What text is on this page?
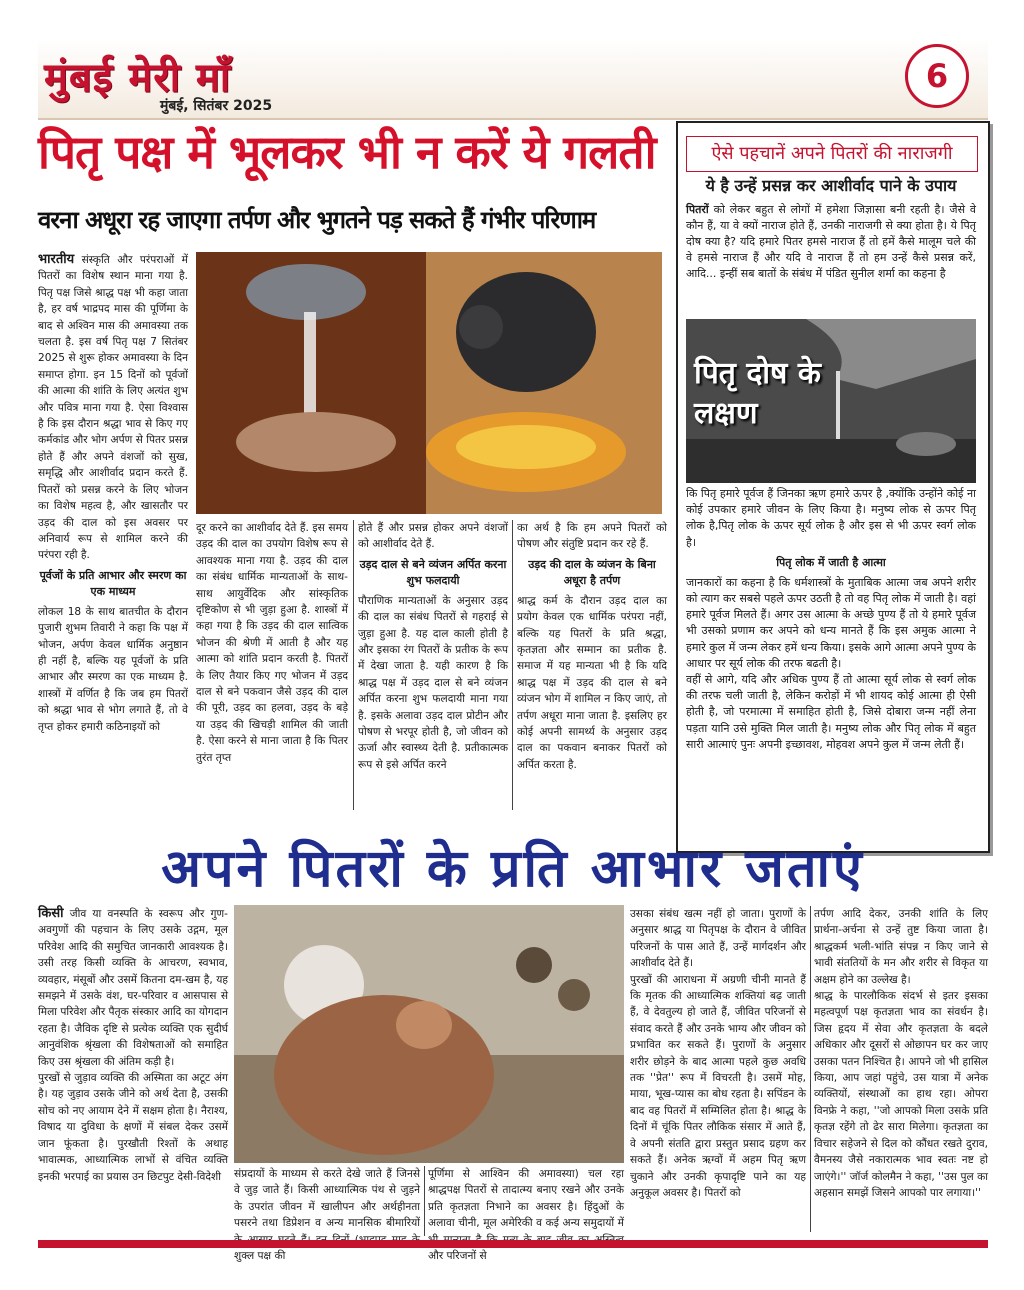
मुंबई मेरी माँ
मुंबई, सितंबर 2025
6
पितृ पक्ष में भूलकर भी न करें ये गलती
वरना अधूरा रह जाएगा तर्पण और भुगतने पड़ सकते हैं गंभीर परिणाम
भारतीय संस्कृति और परंपराओं में पितरों का विशेष स्थान माना गया है. पितृ पक्ष जिसे श्राद्ध पक्ष भी कहा जाता है, हर वर्ष भाद्रपद मास की पूर्णिमा के बाद से अश्विन मास की अमावस्या तक चलता है. इस वर्ष पितृ पक्ष 7 सितंबर 2025 से शुरू होकर अमावस्या के दिन समाप्त होगा. इन 15 दिनों को पूर्वजों की आत्मा की शांति के लिए अत्यंत शुभ और पवित्र माना गया है. ऐसा विश्वास है कि इस दौरान श्रद्धा भाव से किए गए कर्मकांड और भोग अर्पण से पितर प्रसन्न होते हैं और अपने वंशजों को सुख, समृद्धि और आशीर्वाद प्रदान करते हैं. पितरों को प्रसन्न करने के लिए भोजन का विशेष महत्व है, और खासतौर पर उड़द की दाल को इस अवसर पर अनिवार्य रूप से शामिल करने की परंपरा रही है.
पूर्वजों के प्रति आभार और स्मरण का एक माध्यम
लोकल 18 के साथ बातचीत के दौरान पुजारी शुभम तिवारी ने कहा कि पक्ष में भोजन, अर्पण केवल धार्मिक अनुष्ठान ही नहीं है, बल्कि यह पूर्वजों के प्रति आभार और स्मरण का एक माध्यम है. शास्त्रों में वर्णित है कि जब हम पितरों को श्रद्धा भाव से भोग लगाते हैं, तो वे तृप्त होकर हमारी कठिनाइयों को
दूर करने का आशीर्वाद देते हैं. इस समय उड़द की दाल का उपयोग विशेष रूप से आवश्यक माना गया है. उड़द की दाल का संबंध धार्मिक मान्यताओं के साथ-साथ आयुर्वेदिक और सांस्कृतिक दृष्टिकोण से भी जुड़ा हुआ है. शास्त्रों में कहा गया है कि उड़द की दाल सात्विक भोजन की श्रेणी में आती है और यह आत्मा को शांति प्रदान करती है. पितरों के लिए तैयार किए गए भोजन में उड़द दाल से बने पकवान जैसे उड़द की दाल की पूरी, उड़द का हलवा, उड़द के बड़े या उड़द की खिचड़ी शामिल की जाती है. ऐसा करने से माना जाता है कि पितर तुरंत तृप्त
होते हैं और प्रसन्न होकर अपने वंशजों को आशीर्वाद देते हैं.
उड़द दाल से बने व्यंजन अर्पित करना शुभ फलदायी
पौराणिक मान्यताओं के अनुसार उड़द की दाल का संबंध पितरों से गहराई से जुड़ा हुआ है. यह दाल काली होती है और इसका रंग पितरों के प्रतीक के रूप में देखा जाता है. यही कारण है कि श्राद्ध पक्ष में उड़द दाल से बने व्यंजन अर्पित करना शुभ फलदायी माना गया है. इसके अलावा उड़द दाल प्रोटीन और पोषण से भरपूर होती है, जो जीवन को ऊर्जा और स्वास्थ्य देती है. प्रतीकात्मक रूप से इसे अर्पित करने
का अर्थ है कि हम अपने पितरों को पोषण और संतुष्टि प्रदान कर रहे हैं.
उड़द की दाल के व्यंजन के बिना अधूरा है तर्पण
श्राद्ध कर्म के दौरान उड़द दाल का प्रयोग केवल एक धार्मिक परंपरा नहीं, बल्कि यह पितरों के प्रति श्रद्धा, कृतज्ञता और सम्मान का प्रतीक है. समाज में यह मान्यता भी है कि यदि श्राद्ध पक्ष में उड़द की दाल से बने व्यंजन भोग में शामिल न किए जाएं, तो तर्पण अधूरा माना जाता है. इसलिए हर कोई अपनी सामर्थ्य के अनुसार उड़द दाल का पकवान बनाकर पितरों को अर्पित करता है.
ऐसे पहचानें अपने पितरों की नाराजगी
ये है उन्हें प्रसन्न कर आशीर्वाद पाने के उपाय
पितरों को लेकर बहुत से लोगों में हमेशा जिज्ञासा बनी रहती है। जैसे वे कौन हैं, या वे क्यों नाराज होते हैं, उनकी नाराजगी से क्या होता है। ये पितृ दोष क्या है? यदि हमारे पितर हमसे नाराज हैं तो हमें कैसे मालूम चले की वे हमसे नाराज हैं और यदि वे नाराज हैं तो हम उन्हें कैसे प्रसन्न करें, आदि... इन्हीं सब बातों के संबंध में पंडित सुनील शर्मा का कहना है
पितृ दोष के लक्षण
कि पितृ हमारे पूर्वज हैं जिनका ऋण हमारे ऊपर है ,क्योंकि उन्होंने कोई ना कोई उपकार हमारे जीवन के लिए किया है। मनुष्य लोक से ऊपर पितृ लोक है,पितृ लोक के ऊपर सूर्य लोक है और इस से भी ऊपर स्वर्ग लोक है।
पितृ लोक में जाती है आत्मा
जानकारों का कहना है कि धर्मशास्त्रों के मुताबिक आत्मा जब अपने शरीर को त्याग कर सबसे पहले ऊपर उठती है तो वह पितृ लोक में जाती है। वहां हमारे पूर्वज मिलते हैं। अगर उस आत्मा के अच्छे पुण्य हैं तो ये हमारे पूर्वज भी उसको प्रणाम कर अपने को धन्य मानते हैं कि इस अमुक आत्मा ने हमारे कुल में जन्म लेकर हमें धन्य किया। इसके आगे आत्मा अपने पुण्य के आधार पर सूर्य लोक की तरफ बढती है।
वहीं से आगे, यदि और अधिक पुण्य हैं तो आत्मा सूर्य लोक से स्वर्ग लोक की तरफ चली जाती है, लेकिन करोड़ों में भी शायद कोई आत्मा ही ऐसी होती है, जो परमात्मा में समाहित होती है, जिसे दोबारा जन्म नहीं लेना पड़ता यानि उसे मुक्ति मिल जाती है। मनुष्य लोक और पितृ लोक में बहुत सारी आत्माएं पुनः अपनी इच्छावश, मोहवश अपने कुल में जन्म लेती हैं।
अपने पितरों के प्रति आभार जताएं
किसी जीव या वनस्पति के स्वरूप और गुण-अवगुणों की पहचान के लिए उसके उद्गम, मूल परिवेश आदि की समुचित जानकारी आवश्यक है। उसी तरह किसी व्यक्ति के आचरण, स्वभाव, व्यवहार, मंसूबों और उसमें कितना दम-खम है, यह समझने में उसके वंश, घर-परिवार व आसपास से मिला परिवेश और पैतृक संस्कार आदि का योगदान रहता है। जैविक दृष्टि से प्रत्येक व्यक्ति एक सुदीर्घ आनुवंशिक श्रृंखला की विशेषताओं को समाहित किए उस श्रृंखला की अंतिम कड़ी है।
पुरखों से जुड़ाव व्यक्ति की अस्मिता का अटूट अंग है। यह जुड़ाव उसके जीने को अर्थ देता है, उसकी सोच को नए आयाम देने में सक्षम होता है। नैराश्य, विषाद या दुविधा के क्षणों में संबल देकर उसमें जान फूंकता है। पुरखौती रिश्तों के अथाह भावात्मक, आध्यात्मिक लाभों से वंचित व्यक्ति इनकी भरपाई का प्रयास उन छिटपुट देसी-विदेशी	संप्रदायों के माध्यम से करते देखे जाते हैं जिनसे वे जुड़ जाते हैं। किसी आध्यात्मिक पंथ से जुड़ने के उपरांत जीवन में खालीपन और अर्थहीनता पसरने तथा डिप्रेशन व अन्य मानसिक बीमारियों शुक्ल पक्ष की
पूर्णिमा से आश्विन की अमावस्या) चल रहा श्राद्धपक्ष पितरों से तादात्म्य बनाए रखने और उनके प्रति कृतज्ञता निभाने का अवसर है। हिंदुओं के अलावा चीनी, मूल अमेरिकी व कई अन्य समुदायों में और परिजनों से
उसका संबंध खत्म नहीं हो जाता। पुराणों के अनुसार श्राद्ध या पितृपक्ष के दौरान वे जीवित परिजनों के पास आते हैं, उन्हें मार्गदर्शन और आशीर्वाद देते हैं।
पुरखों की आराधना में अग्रणी चीनी मानते हैं कि मृतक की आध्यात्मिक शक्तियां बढ़ जाती हैं, वे देवतुल्य हो जाते हैं, जीवित परिजनों से संवाद करते हैं और उनके भाग्य और जीवन को प्रभावित कर सकते हैं। पुराणों के अनुसार शरीर छोड़ने के बाद आत्मा पहले कुछ अवधि तक ''प्रेत'' रूप में विचरती है। उसमें मोह, माया, भूख-प्यास का बोध रहता है। सपिंडन के बाद वह पितरों में सम्मिलित होता है। श्राद्ध के दिनों में चूंकि पितर लौकिक संसार में आते हैं, वे अपनी संतति द्वारा प्रस्तुत प्रसाद ग्रहण कर सकते हैं। अनेक ऋग्वों में अहम पितृ ऋण चुकाने और उनकी कृपादृष्टि पाने का यह अनुकूल अवसर है। पितरों को
तर्पण आदि देकर, उनकी शांति के लिए प्रार्थना-अर्चना से उन्हें तुष्ट किया जाता है। श्राद्धकर्म भली-भांति संपन्न न किए जाने से भावी संततियों के मन और शरीर से विकृत या अक्षम होने का उल्लेख है।
श्राद्ध के पारलौकिक संदर्भ से इतर इसका महत्वपूर्ण पक्ष कृतज्ञता भाव का संवर्धन है। जिस हृदय में सेवा और कृतज्ञता के बदले अधिकार और दूसरों से ओछापन घर कर जाए उसका पतन निश्चित है। आपने जो भी हासिल किया, आप जहां पहुंचे, उस यात्रा में अनेक व्यक्तियों, संस्थाओं का हाथ रहा। ओपरा विनफ्रे ने कहा, ''जो आपको मिला उसके प्रति कृतज्ञ रहेंगे तो ढेर सारा मिलेगा। कृतज्ञता का विचार सहेजने से दिल को कौंधत रखते दुराव, वैमनस्य जैसे नकारात्मक भाव स्वतः नष्ट हो जाएंगे।'' जॉर्ज कोलमैन ने कहा, ''उस पुल का अहसान समझें जिसने आपको पार लगाया।''
